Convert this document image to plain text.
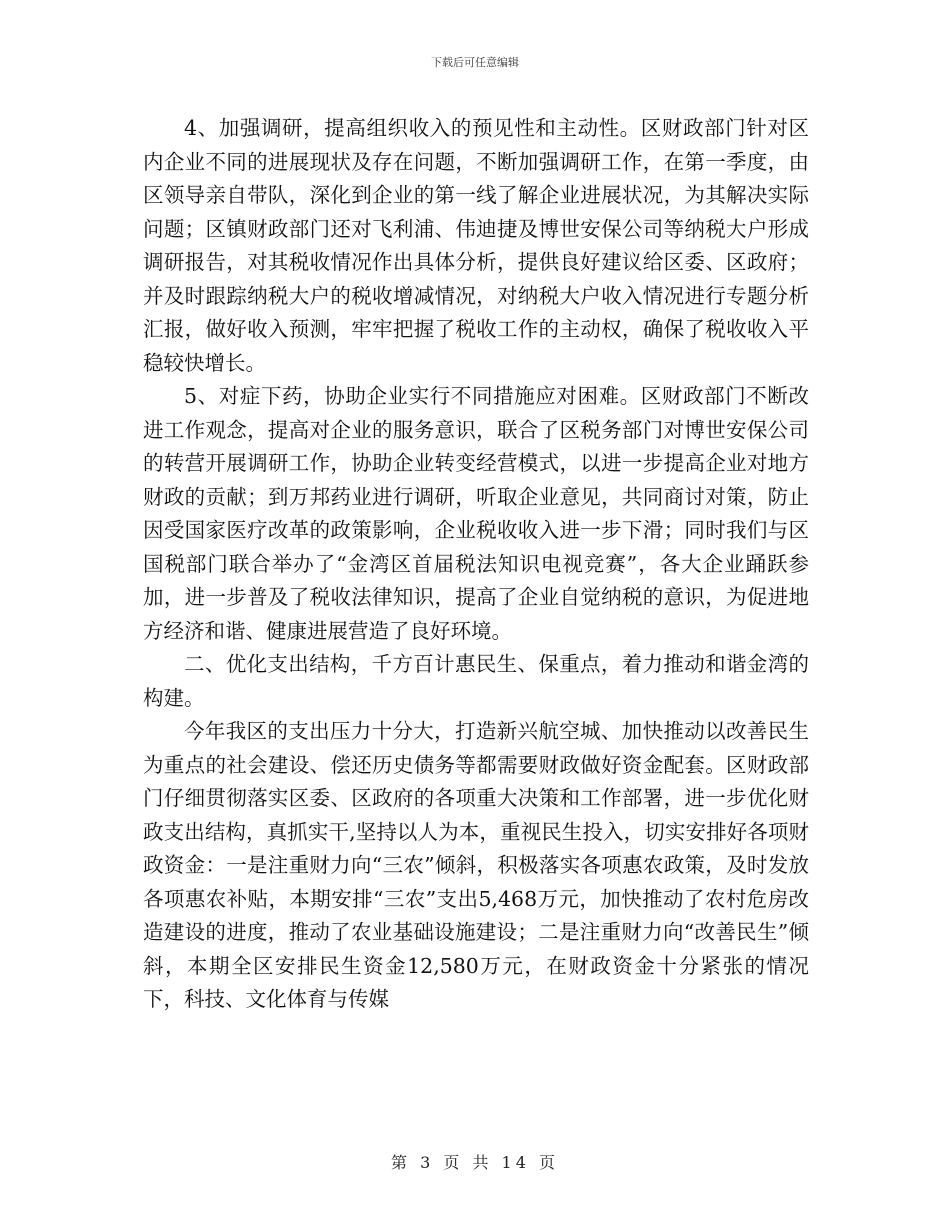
下载后可任意编辑

4、加强调研，提高组织收入的预见性和主动性。区财政部门针对区内企业不同的进展现状及存在问题，不断加强调研工作，在第一季度，由区领导亲自带队，深化到企业的第一线了解企业进展状况，为其解决实际问题；区镇财政部门还对飞利浦、伟迪捷及博世安保公司等纳税大户形成调研报告，对其税收情况作出具体分析，提供良好建议给区委、区政府；并及时跟踪纳税大户的税收增减情况，对纳税大户收入情况进行专题分析汇报，做好收入预测，牢牢把握了税收工作的主动权，确保了税收收入平稳较快增长。

5、对症下药，协助企业实行不同措施应对困难。区财政部门不断改进工作观念，提高对企业的服务意识，联合了区税务部门对博世安保公司的转营开展调研工作，协助企业转变经营模式，以进一步提高企业对地方财政的贡献；到万邦药业进行调研，听取企业意见，共同商讨对策，防止因受国家医疗改革的政策影响，企业税收收入进一步下滑；同时我们与区国税部门联合举办了“金湾区首届税法知识电视竞赛”，各大企业踊跃参加，进一步普及了税收法律知识，提高了企业自觉纳税的意识，为促进地方经济和谐、健康进展营造了良好环境。

二、优化支出结构，千方百计惠民生、保重点，着力推动和谐金湾的构建。

今年我区的支出压力十分大，打造新兴航空城、加快推动以改善民生为重点的社会建设、偿还历史债务等都需要财政做好资金配套。区财政部门仔细贯彻落实区委、区政府的各项重大决策和工作部署，进一步优化财政支出结构，真抓实干,坚持以人为本，重视民生投入，切实安排好各项财政资金：一是注重财力向“三农”倾斜，积极落实各项惠农政策，及时发放各项惠农补贴，本期安排“三农”支出5,468万元，加快推动了农村危房改造建设的进度，推动了农业基础设施建设；二是注重财力向“改善民生”倾斜，本期全区安排民生资金12,580万元，在财政资金十分紧张的情况下，科技、文化体育与传媒

第 3 页 共 14 页
